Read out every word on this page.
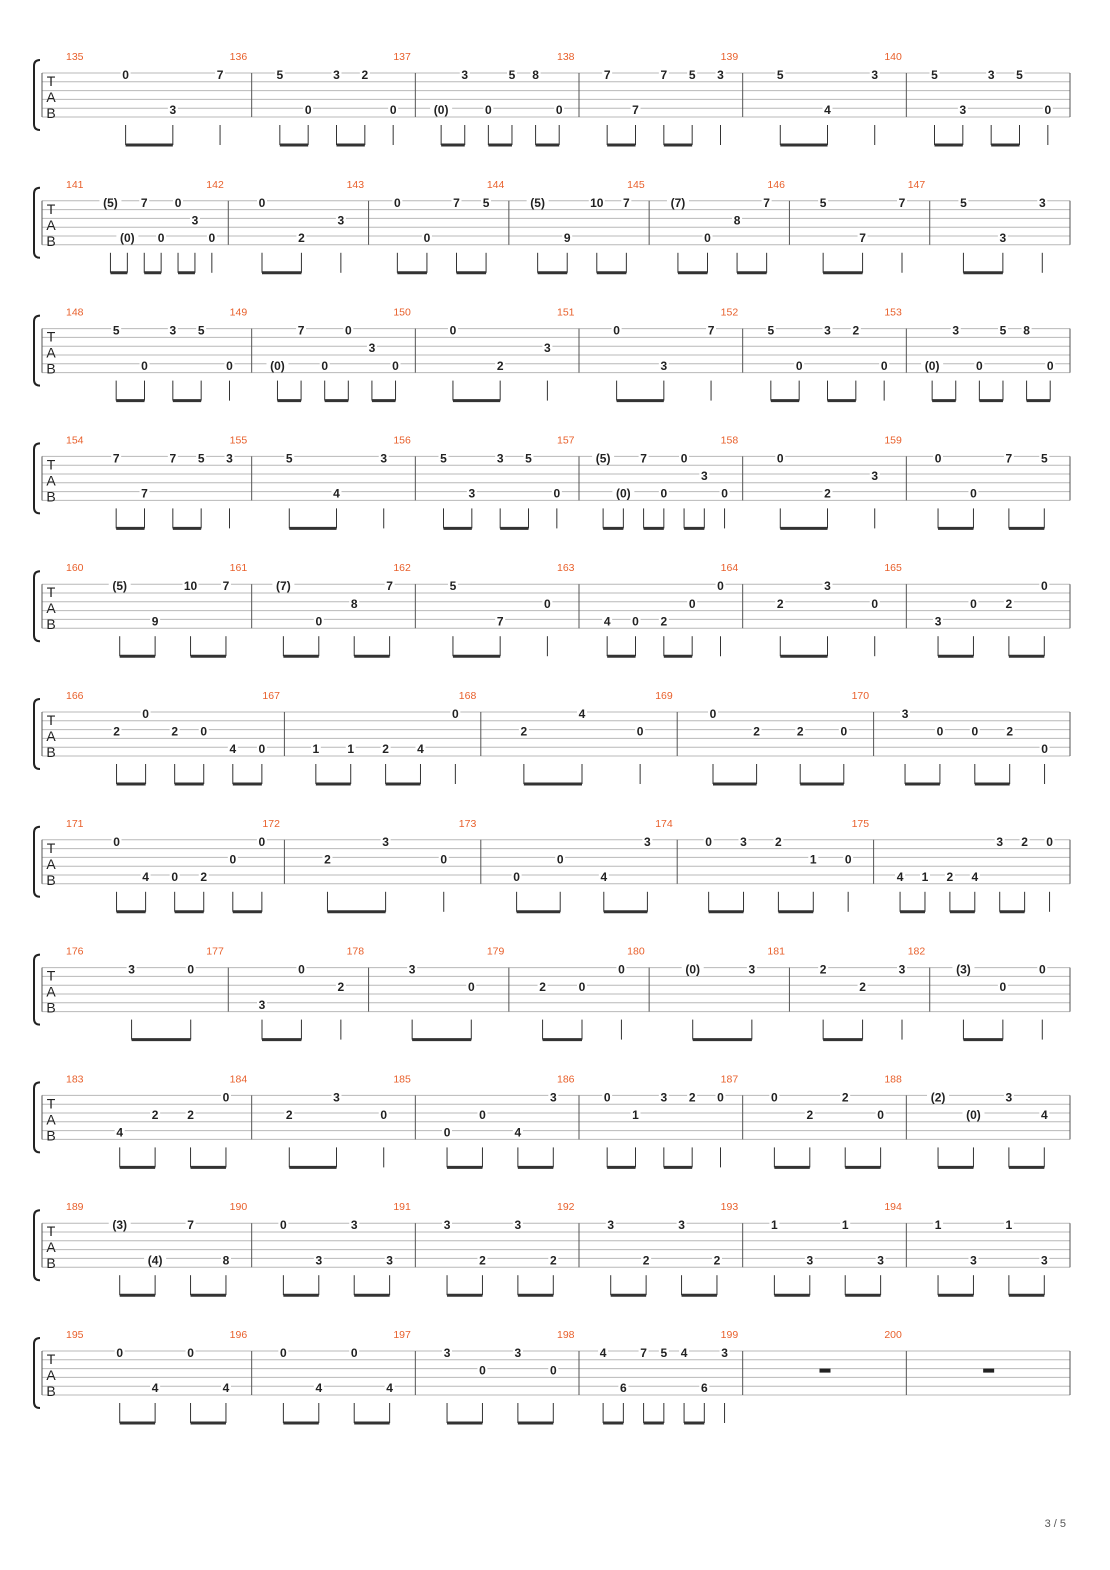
T
A
B
135
0
3
7
136
5
0
3 2
0
137
(0)
3
0
5 8
0
138
7
7
7 5 3
139
5
4
3
140
5
3
3 5
0
T
A
B
141
(5)
(0)
7
0
0
3
0
142
0
2
3
143
0
0
7 5
144
(5)
9
10 7
145
(7)
0
8
7
146
5
7
7
147
5
3
3
T
A
B
148
5
0
3 5
0
149
(0)
7
0
0
3
0
150
0
2
3
151
0
3
7
152
5
0
3 2
0
153
(0)
3
0
5 8
0
T
A
B
154
7
7
7 5 3
155
5
4
3
156
5
3
3 5
0
157
(5)
(0)
7
0
0
3
0
158
0
2
3
159
0
0
7 5
T
A
B
160
(5)
9
10 7
161
(7)
0
8
7
162
5
7
0
163
4 0 2
0
0
164
2
3
0
165
3
0 2
0
T
A
B
166
2
0
2 0
4 0
167
1 1 2 4
0
168
2
4
0
169
0
2	2	0
170
3
0 0 2
0
T
A
B
171
0
4 0 2
0
0
172
2
3
0
173
0
0
4
3
174
0 3 2
1 0
175
4 1 2 4
3 2 0
T
A
B
176
3	0
177
3
0
2
178
3
0
179
2	0
0
180
(0)	3
181
2
2
3
182
(3)
0
0
T
A
B
183
4
2 2
0
184
2
3
0
185
0
0
4
3
186
0
1
3 2 0
187
0
2
2
0
188
(2)
(0)
3
4
T
A
B
189
(3)
(4)
7
8
190
0
3
3
3
191
3
2
3
2
192
3
2
3
2
193
1
3
1
3
194
1
3
1
3
T
A
B
195
0
4
0
4
196
0
4
0
4
197
3
0
3
0
198
4
6
7 5 4
6
3
199	200
3 / 5
